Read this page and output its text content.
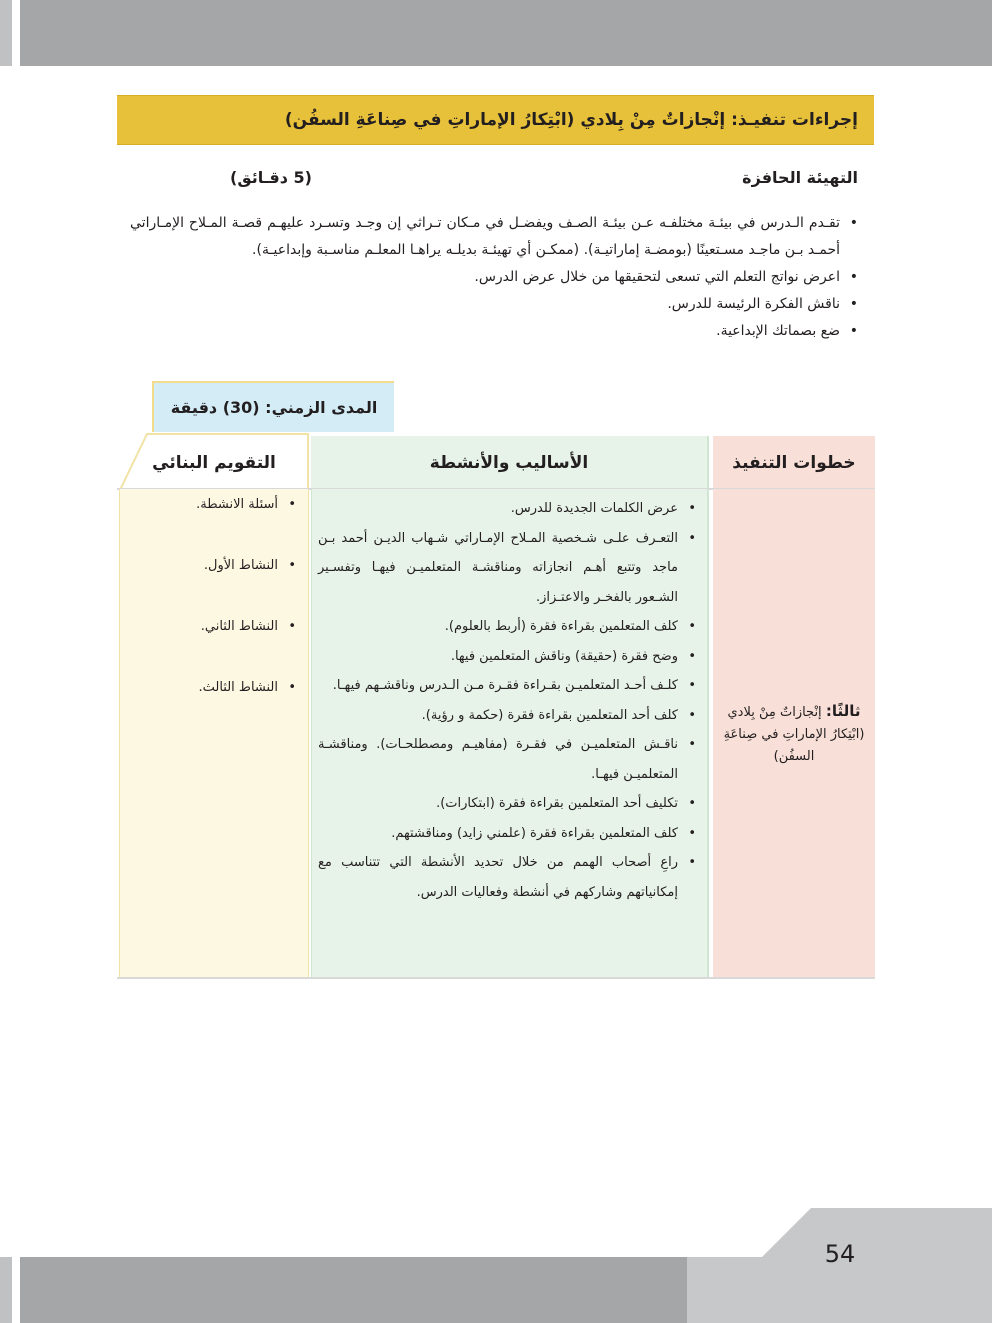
إجراءات تنفيـذ: إنْجازاتٌ مِنْ بِلادي (ابْتِكارُ الإماراتِ في صِناعَةِ السفُن)
التهيئة الحافزة
(5 دقـائق)
• تقـدم الـدرس في بيئـة مختلفـه عـن بيئـة الصـف ويفضـل في مـكان تـراثي إن وجـد وتسـرد عليهـم قصـة المـلاح الإمـاراتي أحمـد بـن ماجـد مسـتعينًا (بومضـة إماراتيـة). (ممكـن أي تهيئـة بديلـه يراهـا المعلـم مناسـبة وإبداعيـة).
• اعرض نواتج التعلم التي تسعى لتحقيقها من خلال عرض الدرس.
• ناقش الفكرة الرئيسة للدرس.
• ضع بصماتك الإبداعية.
المدى الزمني: (30) دقيقة
التقويم البنائي	الأساليب والأنشطة	خطوات التنفيذ
• أسئلة الانشطة.
• النشاط الأول.
• النشاط الثاني.
• النشاط الثالث.
• عرض الكلمات الجديدة للدرس.
• التعـرف علـى شـخصية المـلاح الإمـاراتي شـهاب الديـن أحمد بـن ماجد وتتبع أهـم انجازاته ومناقشـة المتعلميـن فيهـا وتفسـير الشـعور بالفخـر والاعتـزاز.
• كلف المتعلمين بقراءة فقرة (أربط بالعلوم).
• وضح فقرة (حقيقة) وناقش المتعلمين فيها.
• كلـف أحـد المتعلميـن بقـراءة فقـرة مـن الـدرس وناقشـهم فيهـا.
• كلف أحد المتعلمين بقراءة فقرة (حكمة و رؤية).
• ناقـش المتعلميـن في فقـرة (مفاهيـم ومصطلحـات). ومناقشـة المتعلميـن فيهـا.
• تكليف أحد المتعلمين بقراءة فقرة (ابتكارات).
• كلف المتعلمين بقراءة فقرة (علمني زايد) ومناقشتهم.
• راعِ أصحاب الهمم من خلال تحديد الأنشطة التي تتناسب مع إمكانياتهم وشاركهم في أنشطة وفعاليات الدرس.
ثالثًا: إنْجازاتٌ مِنْ بِلادي (ابْتِكارُ الإماراتِ في صِناعَةِ السفُن)
54
